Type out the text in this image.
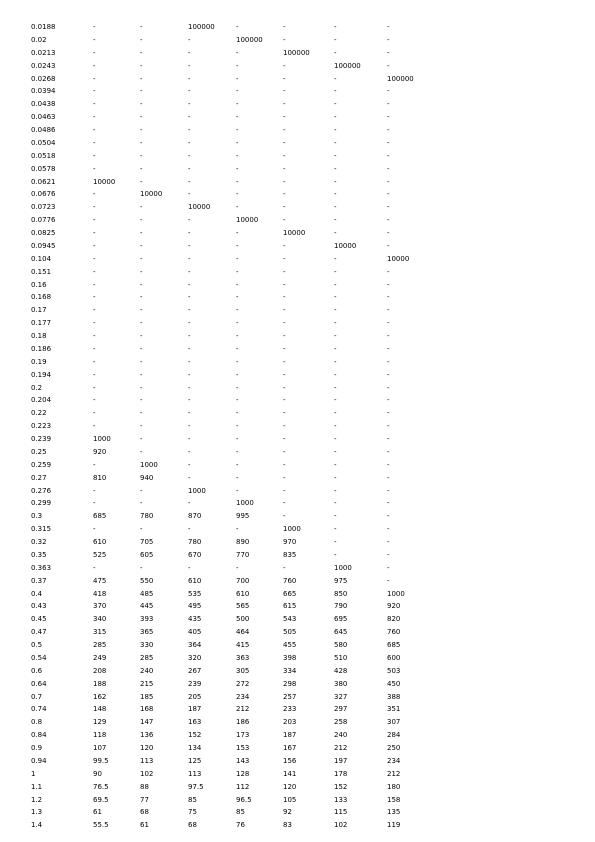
0.0188	-	-	100000	-	-	-	-
0.02	-	-	-	100000	-	-	-
0.0213	-	-	-	-	100000	-	-
0.0243	-	-	-	-	-	100000	-
0.0268	-	-	-	-	-	-	100000
0.0394	-	-	-	-	-	-	-
0.0438	-	-	-	-	-	-	-
0.0463	-	-	-	-	-	-	-
0.0486	-	-	-	-	-	-	-
0.0504	-	-	-	-	-	-	-
0.0518	-	-	-	-	-	-	-
0.0578	-	-	-	-	-	-	-
0.0621	10000	-	-	-	-	-	-
0.0676	-	10000	-	-	-	-	-
0.0723	-	-	10000	-	-	-	-
0.0776	-	-	-	10000	-	-	-
0.0825	-	-	-	-	10000	-	-
0.0945	-	-	-	-	-	10000	-
0.104	-	-	-	-	-	-	10000
0.151	-	-	-	-	-	-	-
0.16	-	-	-	-	-	-	-
0.168	-	-	-	-	-	-	-
0.17	-	-	-	-	-	-	-
0.177	-	-	-	-	-	-	-
0.18	-	-	-	-	-	-	-
0.186	-	-	-	-	-	-	-
0.19	-	-	-	-	-	-	-
0.194	-	-	-	-	-	-	-
0.2	-	-	-	-	-	-	-
0.204	-	-	-	-	-	-	-
0.22	-	-	-	-	-	-	-
0.223	-	-	-	-	-	-	-
0.239	1000	-	-	-	-	-	-
0.25	920	-	-	-	-	-	-
0.259	-	1000	-	-	-	-	-
0.27	810	940	-	-	-	-	-
0.276	-	-	1000	-	-	-	-
0.299	-	-	-	1000	-	-	-
0.3	685	780	870	995	-	-	-
0.315	-	-	-	-	1000	-	-
0.32	610	705	780	890	970	-	-
0.35	525	605	670	770	835	-	-
0.363	-	-	-	-	-	1000	-
0.37	475	550	610	700	760	975	-
0.4	418	485	535	610	665	850	1000
0.43	370	445	495	565	615	790	920
0.45	340	393	435	500	543	695	820
0.47	315	365	405	464	505	645	760
0.5	285	330	364	415	455	580	685
0.54	249	285	320	363	398	510	600
0.6	208	240	267	305	334	428	503
0.64	188	215	239	272	298	380	450
0.7	162	185	205	234	257	327	388
0.74	148	168	187	212	233	297	351
0.8	129	147	163	186	203	258	307
0.84	118	136	152	173	187	240	284
0.9	107	120	134	153	167	212	250
0.94	99.5	113	125	143	156	197	234
1	90	102	113	128	141	178	212
1.1	76.5	88	97.5	112	120	152	180
1.2	69.5	77	85	96.5	105	133	158
1.3	61	68	75	85	92	115	135
1.4	55.5	61	68	76	83	102	119
